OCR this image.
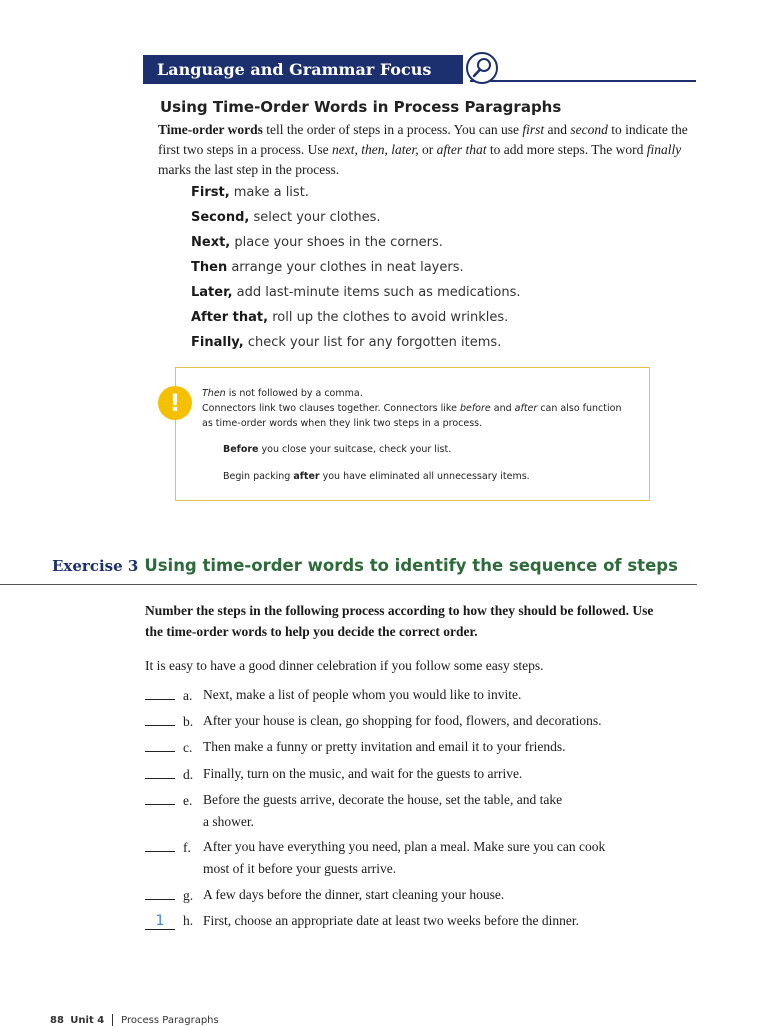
Language and Grammar Focus
Using Time-Order Words in Process Paragraphs
Time-order words tell the order of steps in a process. You can use first and second to indicate the first two steps in a process. Use next, then, later, or after that to add more steps. The word finally marks the last step in the process.
First, make a list.
Second, select your clothes.
Next, place your shoes in the corners.
Then arrange your clothes in neat layers.
Later, add last-minute items such as medications.
After that, roll up the clothes to avoid wrinkles.
Finally, check your list for any forgotten items.
!	Then is not followed by a comma.
Connectors link two clauses together. Connectors like before and after can also function
as time-order words when they link two steps in a process.
Before you close your suitcase, check your list.
Begin packing after you have eliminated all unnecessary items.
Exercise 3 Using time-order words to identify the sequence of steps
Number the steps in the following process according to how they should be followed. Use the time-order words to help you decide the correct order.
It is easy to have a good dinner celebration if you follow some easy steps.
a. Next, make a list of people whom you would like to invite.
b. After your house is clean, go shopping for food, flowers, and decorations.
c. Then make a funny or pretty invitation and email it to your friends.
d. Finally, turn on the music, and wait for the guests to arrive.
e. Before the guests arrive, decorate the house, set the table, and take
a shower.
f. After you have everything you need, plan a meal. Make sure you can cook
most of it before your guests arrive.
g. A few days before the dinner, start cleaning your house.
1 h. First, choose an appropriate date at least two weeks before the dinner.
88 Unit 4 Process Paragraphs
